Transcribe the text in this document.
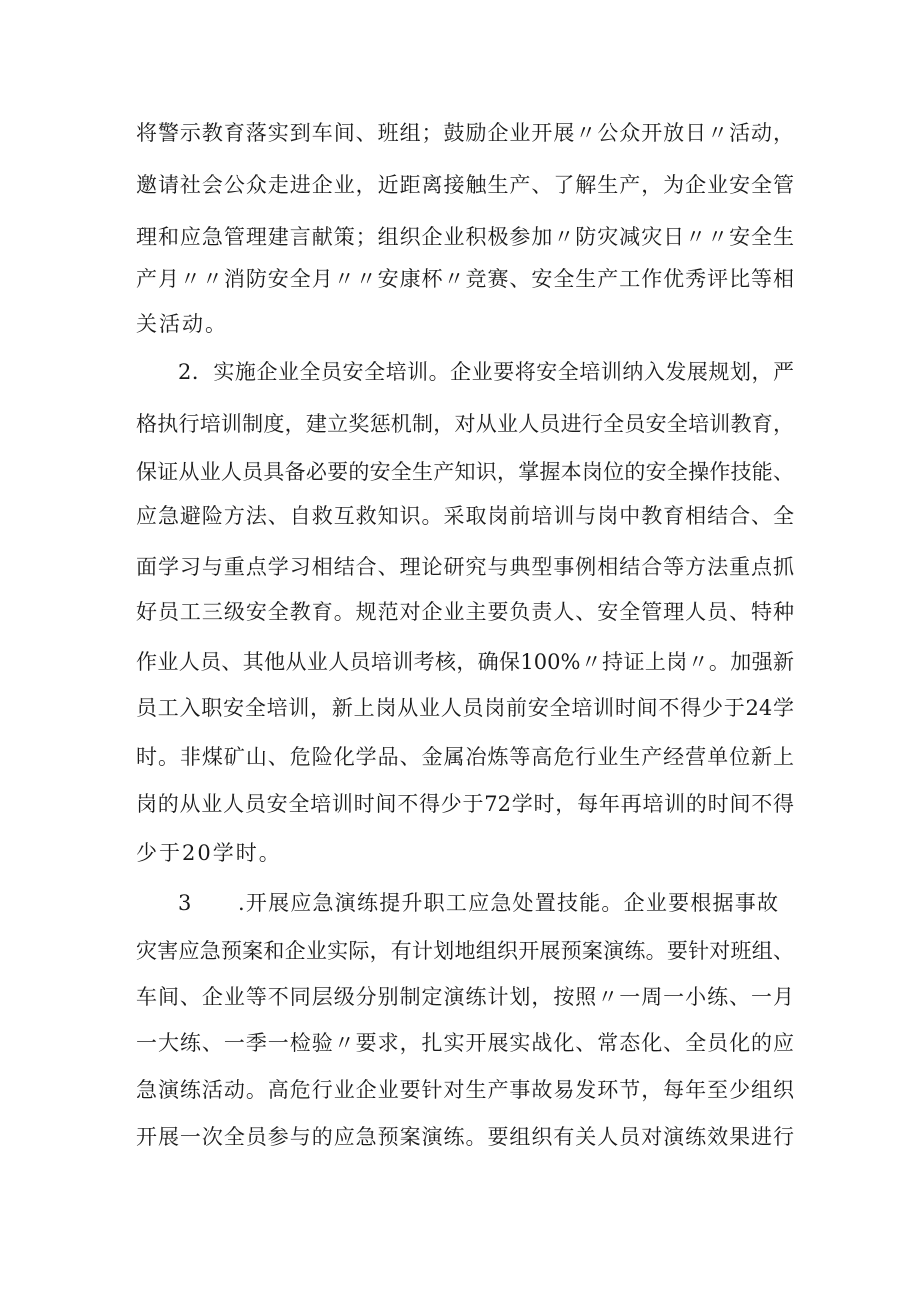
将警示教育落实到车间、班组；鼓励企业开展〃公众开放日〃活动，
邀请社会公众走进企业，近距离接触生产、了解生产，为企业安全管
理和应急管理建言献策；组织企业积极参加〃防灾减灾日〃〃安全生
产月〃〃消防安全月〃〃安康杯〃竞赛、安全生产工作优秀评比等相
关活动。
2．实施企业全员安全培训。企业要将安全培训纳入发展规划，严
格执行培训制度，建立奖惩机制，对从业人员进行全员安全培训教育，
保证从业人员具备必要的安全生产知识，掌握本岗位的安全操作技能、
应急避险方法、自救互救知识。采取岗前培训与岗中教育相结合、全
面学习与重点学习相结合、理论研究与典型事例相结合等方法重点抓
好员工三级安全教育。规范对企业主要负责人、安全管理人员、特种
作业人员、其他从业人员培训考核，确保100%〃持证上岗〃。加强新
员工入职安全培训，新上岗从业人员岗前安全培训时间不得少于24学
时。非煤矿山、危险化学品、金属冶炼等高危行业生产经营单位新上
岗的从业人员安全培训时间不得少于72学时，每年再培训的时间不得
少于20学时。
3 .开展应急演练提升职工应急处置技能。企业要根据事故
灾害应急预案和企业实际，有计划地组织开展预案演练。要针对班组、
车间、企业等不同层级分别制定演练计划，按照〃一周一小练、一月
一大练、一季一检验〃要求，扎实开展实战化、常态化、全员化的应
急演练活动。高危行业企业要针对生产事故易发环节，每年至少组织
开展一次全员参与的应急预案演练。要组织有关人员对演练效果进行
